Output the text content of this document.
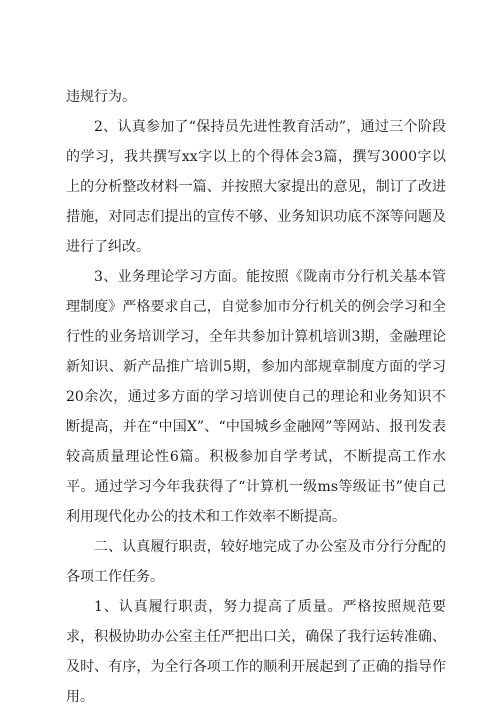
违规行为。

2、认真参加了“保持员先进性教育活动”，通过三个阶段的学习，我共撰写xx字以上的个得体会3篇，撰写3000字以上的分析整改材料一篇、并按照大家提出的意见，制订了改进措施，对同志们提出的宣传不够、业务知识功底不深等问题及进行了纠改。

3、业务理论学习方面。能按照《陇南市分行机关基本管理制度》严格要求自己，自觉参加市分行机关的例会学习和全行性的业务培训学习，全年共参加计算机培训3期，金融理论新知识、新产品推广培训5期，参加内部规章制度方面的学习20余次，通过多方面的学习培训使自己的理论和业务知识不断提高，并在“中国X”、“中国城乡金融网”等网站、报刊发表较高质量理论性6篇。积极参加自学考试，不断提高工作水平。通过学习今年我获得了“计算机一级ms等级证书”使自己利用现代化办公的技术和工作效率不断提高。

二、认真履行职责，较好地完成了办公室及市分行分配的各项工作任务。

1、认真履行职责，努力提高了质量。严格按照规范要求，积极协助办公室主任严把出口关，确保了我行运转准确、及时、有序，为全行各项工作的顺利开展起到了正确的指导作用。
